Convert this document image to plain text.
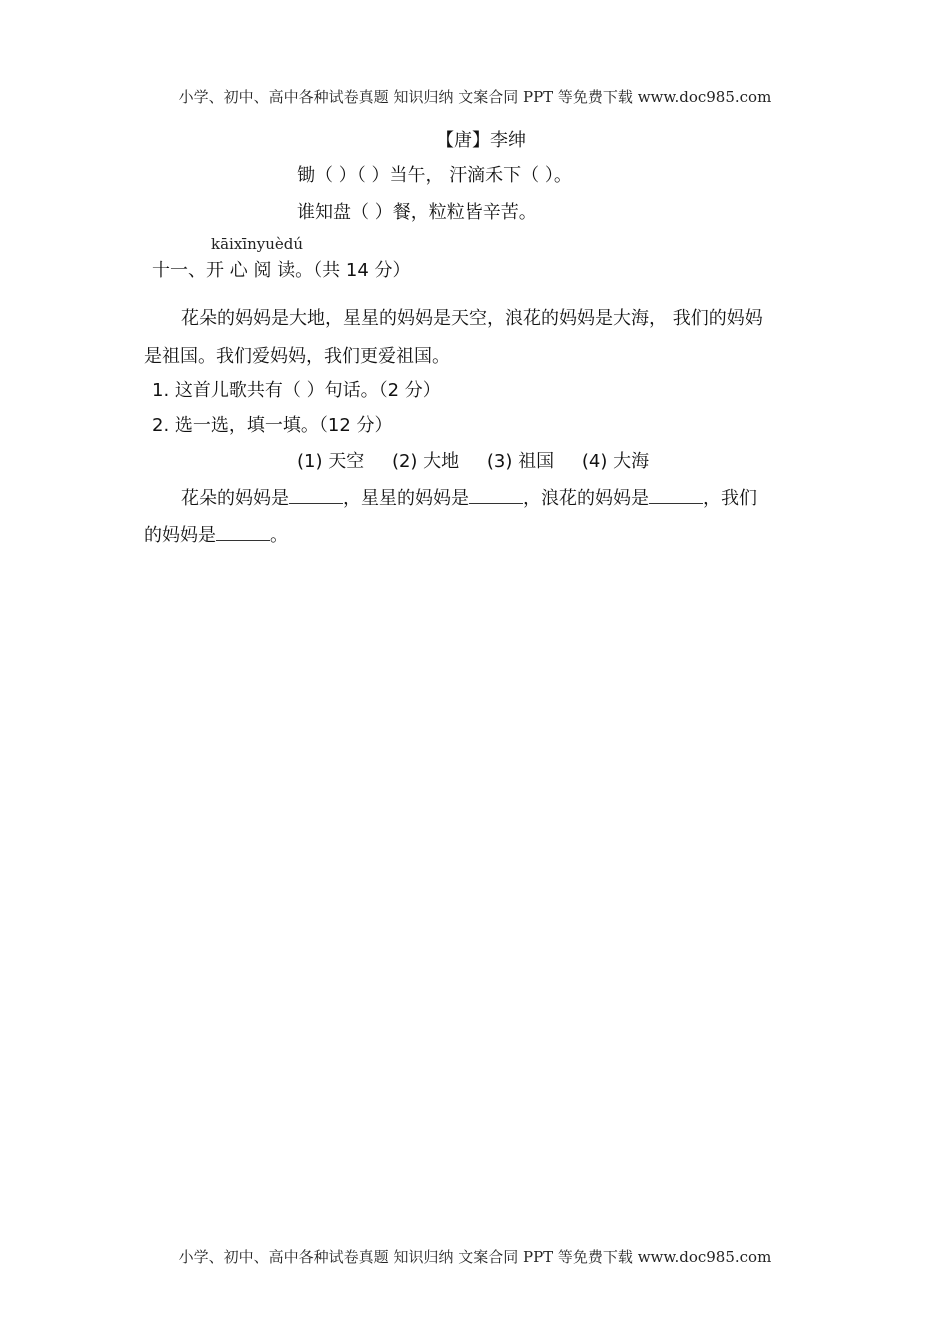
小学、初中、高中各种试卷真题 知识归纳 文案合同 PPT 等免费下载 www.doc985.com
【唐】李绅
锄（ ）（ ）当午， 汗滴禾下（ ）。
谁知盘（ ）餐，粒粒皆辛苦。
kāixīnyuèdú
十一、开 心 阅 读。（共 14 分）
花朵的妈妈是大地，星星的妈妈是天空，浪花的妈妈是大海， 我们的妈妈
是祖国。我们爱妈妈，我们更爱祖国。
1. 这首儿歌共有（ ）句话。（2 分）
2. 选一选，填一填。（12 分）
(1) 天空 (2) 大地 (3) 祖国 (4) 大海
花朵的妈妈是	，星星的妈妈是	，浪花的妈妈是	，我们
的妈妈是	。
小学、初中、高中各种试卷真题 知识归纳 文案合同 PPT 等免费下载 www.doc985.com
